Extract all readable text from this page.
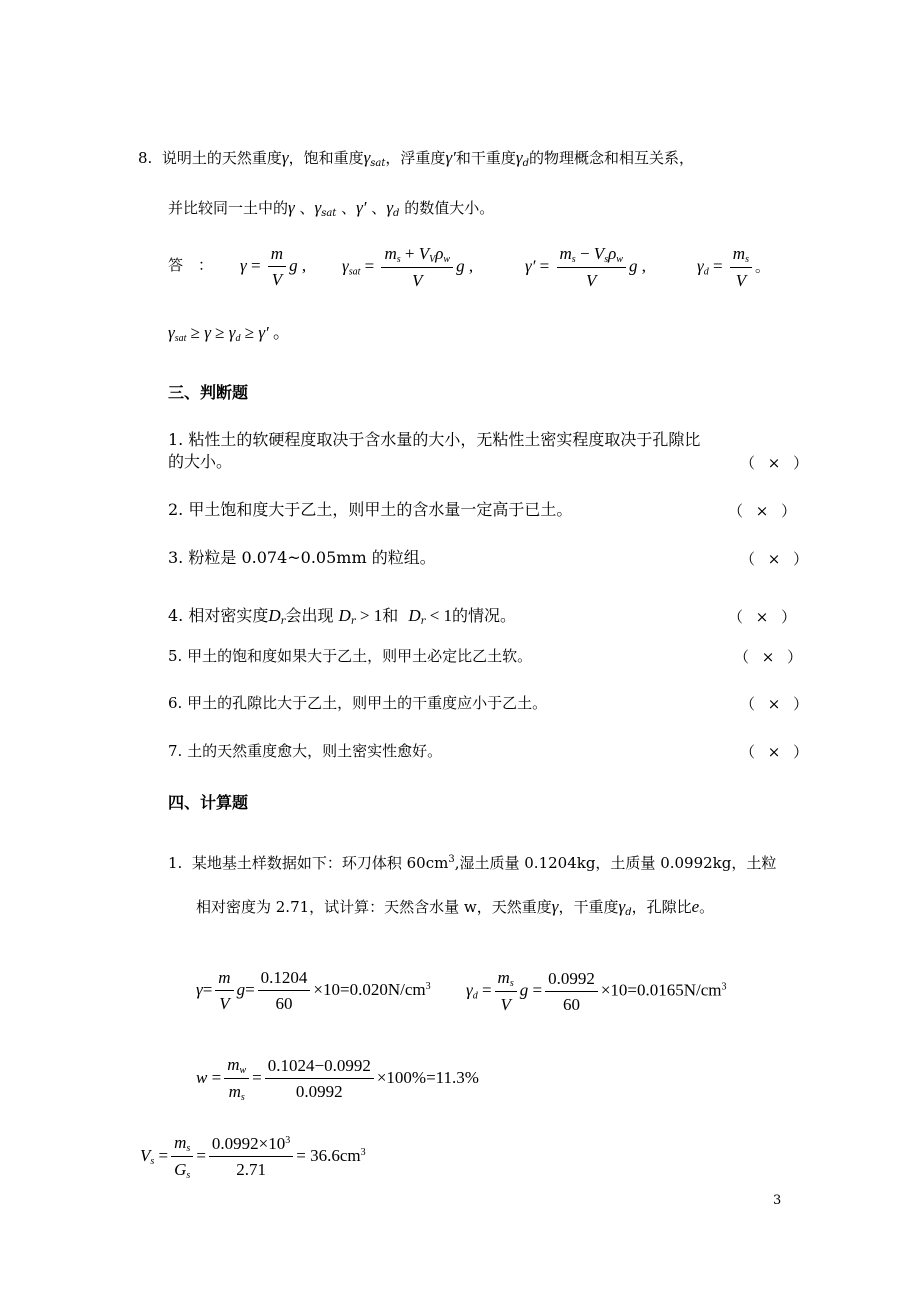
8. 说明土的天然重度γ，饱和重度$\gamma_{sat}$，浮重度γ′和干重度$\gamma_d$的物理概念和相互关系，
并比较同一土中的γ 、$\gamma_{sat}$ 、γ′ 、$\gamma_d$ 的数值大小。
答　： $\gamma = \frac{m}{V}$ g , $\gamma_{sat} = \frac{m_s + V_V\rho_w}{V}$ g ,	$\gamma' = \frac{m_s - V_s\rho_w}{V}$ g ,	$\gamma_d = \frac{m_s}{V}$ 。
$\gamma_{sat} \ge \gamma \ge \gamma_d \ge \gamma'$ 。
三、判断题
1. 粘性土的软硬程度取决于含水量的大小，无粘性土密实程度取决于孔隙比
的大小。	（ × ）
2. 甲土饱和度大于乙土，则甲土的含水量一定高于已土。	（ × ）
3. 粉粒是 0.074~0.05mm 的粒组。	（ × ）
4. 相对密实度$D_r$会出现 $D_r > 1$和 $D_r < 1$的情况。	（ × ）
5. 甲土的饱和度如果大于乙土，则甲土必定比乙土软。	（ × ）
6. 甲土的孔隙比大于乙土，则甲土的干重度应小于乙土。	（ × ）
7. 土的天然重度愈大，则土密实性愈好。	（ × ）
四、计算题
1. 某地基土样数据如下：环刀体积 $60cm^3$,湿土质量 0.1204kg，土质量 0.0992kg，土粒
相对密度为 2.71，试计算：天然含水量 w，天然重度γ，干重度$\gamma_d$，孔隙比e。
$\gamma= \frac{m}{V} g= \frac{0.1204}{60} \times 10=0.020N/cm^3$ $\gamma_d = \frac{m_s}{V}$ $g = \frac{0.0992}{60} \times 10=0.0165N/cm^3$
$w = \frac{m_w}{m_s} = \frac{0.1024-0.0992}{0.0992} \times 100\%=11.3\%$
$V_s = \frac{m_s}{G_s} = \frac{0.0992\times 10^3}{2.71} = 36.6cm^3$
3
